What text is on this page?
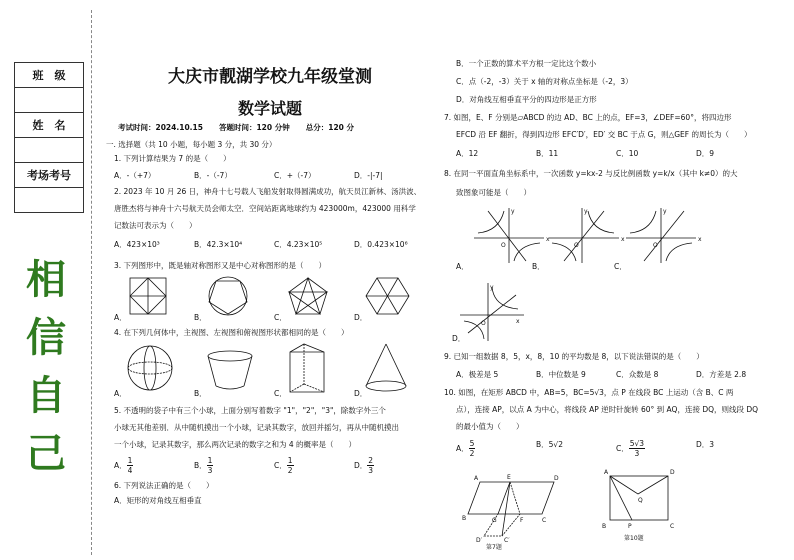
班　级

姓　名

考场考号

相
信
自
己
大庆市靓湖学校九年级堂测
数学试题
考试时间：2024.10.15 答题时间：120 分钟 总分：120 分
一. 选择题（共 10 小题，每小题 3 分，共 30 分）
1. 下列计算结果为 7 的是（　　）
A．-（+7）	B．-（-7）	C．+（-7）	D．-|-7|
2. 2023 年 10 月 26 日，神舟十七号载人飞船发射取得圆满成功，航天员江新林、汤洪波、
唐胜杰将与神舟十六号航天员会师太空．空间站距离地球约为 423000m，423000 用科学
记数法可表示为（　　）
A．423×10³	B．42.3×10⁴	C．4.23×10⁵	D．0.423×10⁶
3. 下列图形中，既是轴对称图形又是中心对称图形的是（　　）
A．	B．	C．	D．
4. 在下列几何体中，主视图、左视图和俯视图形状都相同的是（　　）
A．	B．	C．	D．
5. 不透明的袋子中有三个小球，上面分别写着数字 "1"，"2"，"3"，除数字外三个
小球无其他差别．从中随机摸出一个小球，记录其数字，放回并摇匀，再从中随机摸出
一个小球，记录其数字，那么两次记录的数字之和为 4 的概率是（　　）
A． $\frac{1}{4}$	B． $\frac{1}{3}$	C． $\frac{1}{2}$	D． $\frac{2}{3}$
6. 下列说法正确的是（　　）
A．矩形的对角线互相垂直
B．一个正数的算术平方根一定比这个数小
C．点（-2，-3）关于 x 轴的对称点坐标是（-2，3）
D．对角线互相垂直平分的四边形是正方形
7. 如图，E、F 分别是▱ABCD 的边 AD、BC 上的点，EF=3，∠DEF=60°，将四边形
EFCD 沿 EF 翻折，得到四边形 EFC′D′，ED′ 交 BC 于点 G，则△GEF 的周长为（　　）
A．12	B．11	C．10	D．9
8. 在同一平面直角坐标系中，一次函数 y=kx-2 与反比例函数 y=k/x（其中 k≠0）的大
致图象可能是（　　）
x
y
O
x
y
O
x
y
O
x
y
O
A．	B．	C．
D．
9. 已知一组数据 8，5，x，8，10 的平均数是 8，以下说法错误的是（　　）
A．极差是 5	B．中位数是 9	C．众数是 8	D．方差是 2.8
10. 如图，在矩形 ABCD 中，AB=5，BC=5√3，点 P 在线段 BC 上运动（含 B、C 两
点），连接 AP，以点 A 为中心，将线段 AP 逆时针旋转 60° 到 AQ，连接 DQ，则线段 DQ
的最小值为（　　）
A． $\frac{5}{2}$	B．5√2	C． $\frac{5√3}{3}$	D．3
A	E	D
B	G	F	C
C′
D′
第7题
A	D
Q
B	P	C
第10题
